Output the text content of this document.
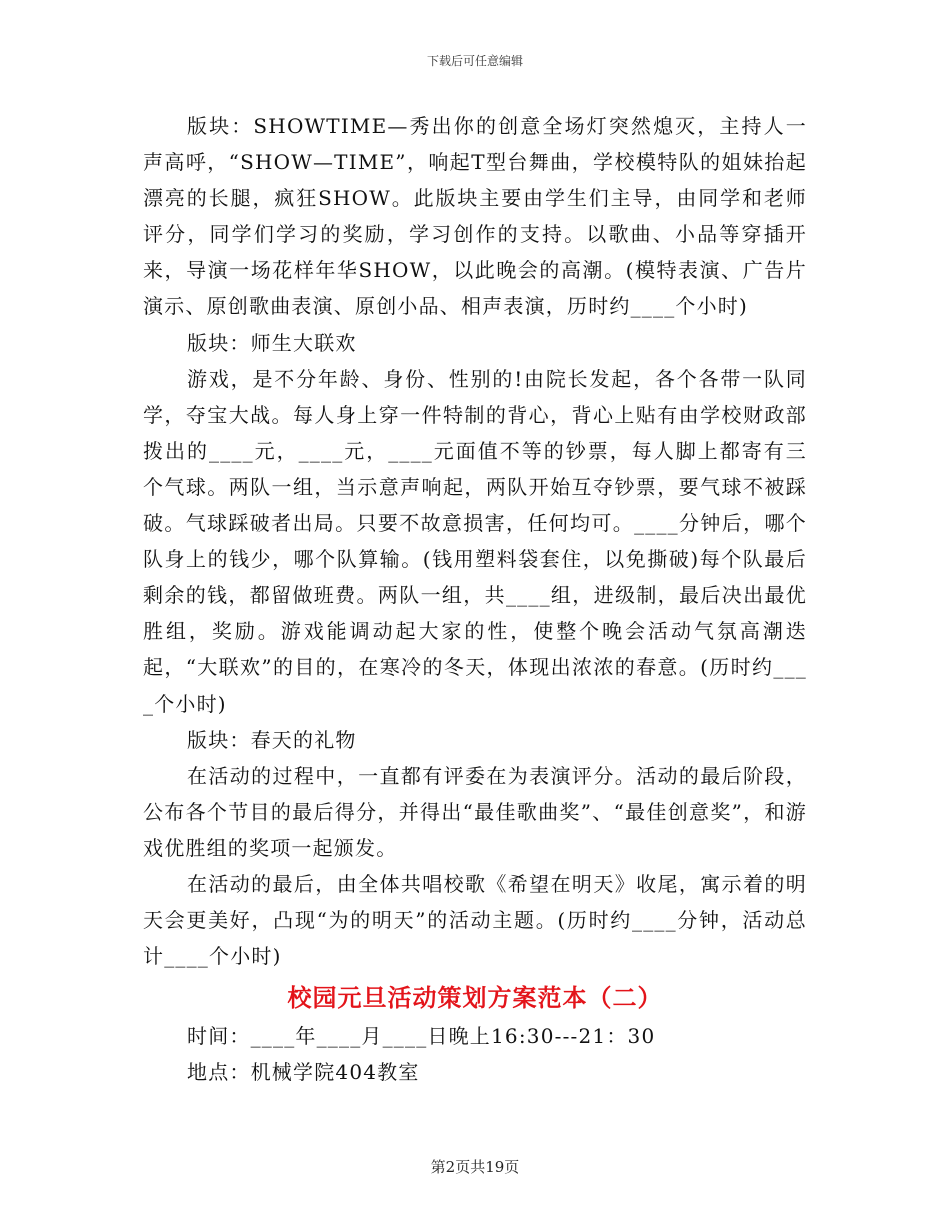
下载后可任意编辑

版块：SHOWTIME—秀出你的创意全场灯突然熄灭，主持人一声高呼，“SHOW—TIME”，响起T型台舞曲，学校模特队的姐妹抬起漂亮的长腿，疯狂SHOW。此版块主要由学生们主导，由同学和老师评分，同学们学习的奖励，学习创作的支持。以歌曲、小品等穿插开来，导演一场花样年华SHOW，以此晚会的高潮。(模特表演、广告片演示、原创歌曲表演、原创小品、相声表演，历时约____个小时)

版块：师生大联欢

游戏，是不分年龄、身份、性别的!由院长发起，各个各带一队同学，夺宝大战。每人身上穿一件特制的背心，背心上贴有由学校财政部拨出的____元，____元，____元面值不等的钞票，每人脚上都寄有三个气球。两队一组，当示意声响起，两队开始互夺钞票，要气球不被踩破。气球踩破者出局。只要不故意损害，任何均可。____分钟后，哪个队身上的钱少，哪个队算输。(钱用塑料袋套住，以免撕破)每个队最后剩余的钱，都留做班费。两队一组，共____组，进级制，最后决出最优胜组，奖励。游戏能调动起大家的性，使整个晚会活动气氛高潮迭起，“大联欢”的目的，在寒冷的冬天，体现出浓浓的春意。(历时约____个小时)

版块：春天的礼物

在活动的过程中，一直都有评委在为表演评分。活动的最后阶段，公布各个节目的最后得分，并得出“最佳歌曲奖”、“最佳创意奖”，和游戏优胜组的奖项一起颁发。

在活动的最后，由全体共唱校歌《希望在明天》收尾，寓示着的明天会更美好，凸现“为的明天”的活动主题。(历时约____分钟，活动总计____个小时)

校园元旦活动策划方案范本（二）

时间：____年____月____日晚上16:30---21：30

地点：机械学院404教室

第2页共19页
